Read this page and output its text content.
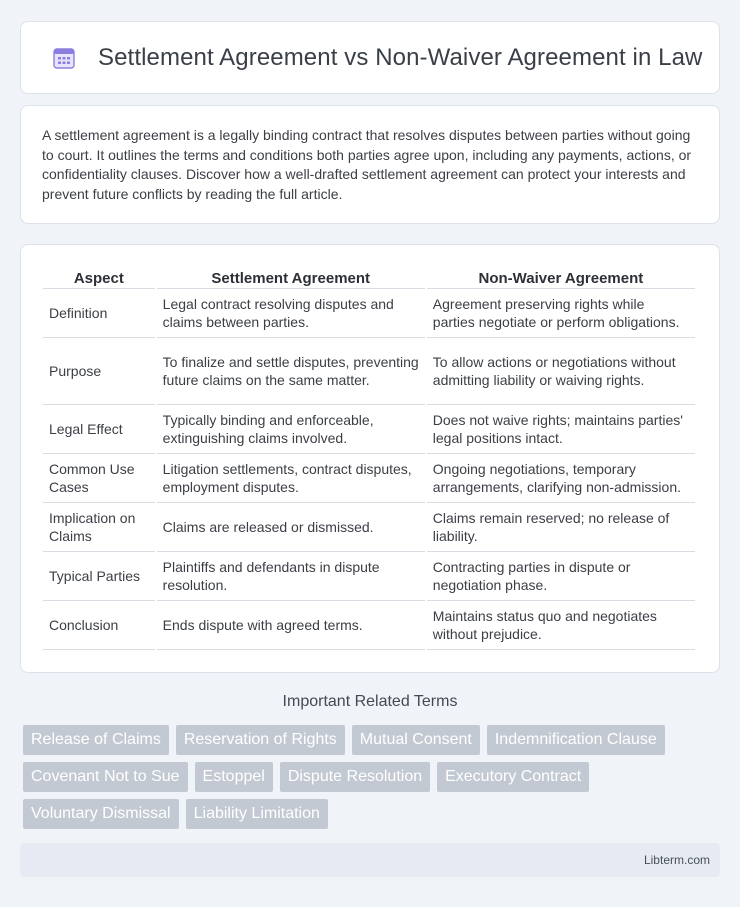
Settlement Agreement vs Non-Waiver Agreement in Law

A settlement agreement is a legally binding contract that resolves disputes between parties without going to court. It outlines the terms and conditions both parties agree upon, including any payments, actions, or confidentiality clauses. Discover how a well-drafted settlement agreement can protect your interests and prevent future conflicts by reading the full article.

Aspect	Settlement Agreement	Non-Waiver Agreement
Definition	Legal contract resolving disputes and claims between parties.	Agreement preserving rights while parties negotiate or perform obligations.
Purpose	To finalize and settle disputes, preventing future claims on the same matter.	To allow actions or negotiations without admitting liability or waiving rights.
Legal Effect	Typically binding and enforceable, extinguishing claims involved.	Does not waive rights; maintains parties' legal positions intact.
Common Use Cases	Litigation settlements, contract disputes, employment disputes.	Ongoing negotiations, temporary arrangements, clarifying non-admission.
Implication on Claims	Claims are released or dismissed.	Claims remain reserved; no release of liability.
Typical Parties	Plaintiffs and defendants in dispute resolution.	Contracting parties in dispute or negotiation phase.
Conclusion	Ends dispute with agreed terms.	Maintains status quo and negotiates without prejudice.
Important Related Terms
Release of Claims	Reservation of Rights	Mutual Consent	Indemnification Clause
Covenant Not to Sue	Estoppel	Dispute Resolution	Executory Contract
Voluntary Dismissal	Liability Limitation
Libterm.com
